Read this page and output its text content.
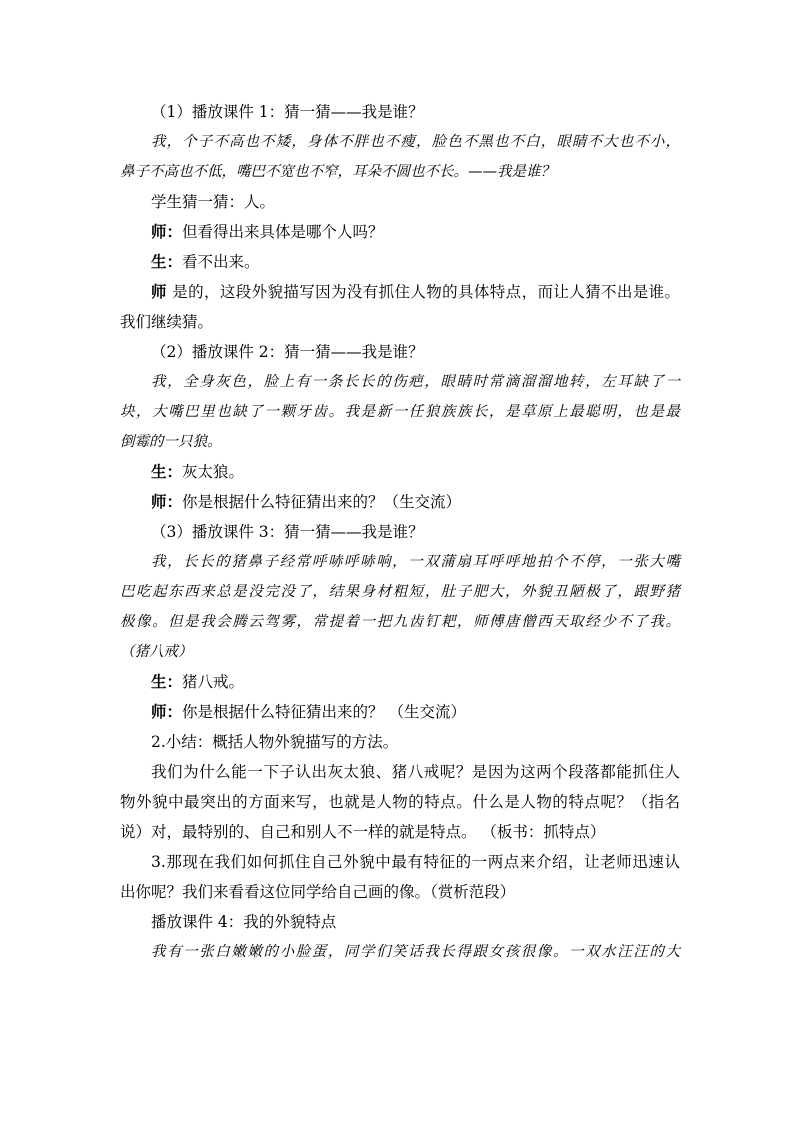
（1）播放课件 1：猜一猜——我是谁？

我，个子不高也不矮，身体不胖也不瘦，脸色不黑也不白，眼睛不大也不小，

鼻子不高也不低，嘴巴不宽也不窄，耳朵不圆也不长。——我是谁？

学生猜一猜：人。

师：但看得出来具体是哪个人吗？

生：看不出来。

师 是的，这段外貌描写因为没有抓住人物的具体特点，而让人猜不出是谁。

我们继续猜。

（2）播放课件 2：猜一猜——我是谁？

我，全身灰色，脸上有一条长长的伤疤，眼睛时常滴溜溜地转，左耳缺了一

块，大嘴巴里也缺了一颗牙齿。我是新一任狼族族长，是草原上最聪明，也是最

倒霉的一只狼。

生：灰太狼。

师：你是根据什么特征猜出来的？（生交流）

（3）播放课件 3：猜一猜——我是谁？

我，长长的猪鼻子经常呼哧呼哧响，一双蒲扇耳呼呼地拍个不停，一张大嘴

巴吃起东西来总是没完没了，结果身材粗短，肚子肥大，外貌丑陋极了，跟野猪

极像。但是我会腾云驾雾，常提着一把九齿钉耙，师傅唐僧西天取经少不了我。

（猪八戒）

生：猪八戒。

师：你是根据什么特征猜出来的？ （生交流）

2.小结：概括人物外貌描写的方法。

我们为什么能一下子认出灰太狼、猪八戒呢？是因为这两个段落都能抓住人

物外貌中最突出的方面来写，也就是人物的特点。什么是人物的特点呢？（指名

说）对，最特别的、自己和别人不一样的就是特点。 （板书：抓特点）

3.那现在我们如何抓住自己外貌中最有特征的一两点来介绍，让老师迅速认

出你呢？我们来看看这位同学给自己画的像。（赏析范段）

播放课件 4：我的外貌特点

我有一张白嫩嫩的小脸蛋，同学们笑话我长得跟女孩很像。一双水汪汪的大
